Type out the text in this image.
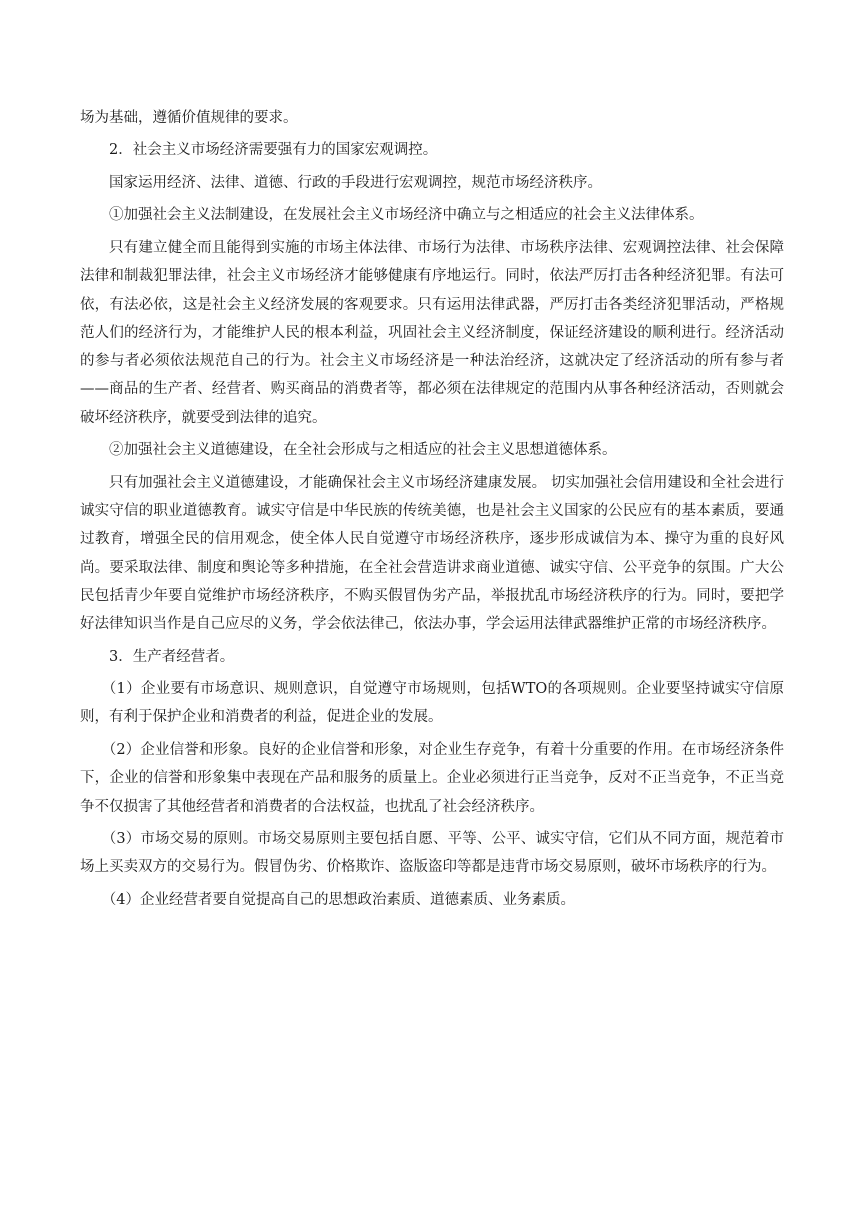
场为基础，遵循价值规律的要求。

2．社会主义市场经济需要强有力的国家宏观调控。

国家运用经济、法律、道德、行政的手段进行宏观调控，规范市场经济秩序。

①加强社会主义法制建设，在发展社会主义市场经济中确立与之相适应的社会主义法律体系。

只有建立健全而且能得到实施的市场主体法律、市场行为法律、市场秩序法律、宏观调控法律、社会保障法律和制裁犯罪法律，社会主义市场经济才能够健康有序地运行。同时，依法严厉打击各种经济犯罪。有法可依，有法必依，这是社会主义经济发展的客观要求。只有运用法律武器，严厉打击各类经济犯罪活动，严格规范人们的经济行为，才能维护人民的根本利益，巩固社会主义经济制度，保证经济建设的顺利进行。经济活动的参与者必须依法规范自己的行为。社会主义市场经济是一种法治经济，这就决定了经济活动的所有参与者——商品的生产者、经营者、购买商品的消费者等，都必须在法律规定的范围内从事各种经济活动，否则就会破坏经济秩序，就要受到法律的追究。

②加强社会主义道德建设，在全社会形成与之相适应的社会主义思想道德体系。

只有加强社会主义道德建设，才能确保社会主义市场经济建康发展。 切实加强社会信用建设和全社会进行诚实守信的职业道德教育。诚实守信是中华民族的传统美德，也是社会主义国家的公民应有的基本素质，要通过教育，增强全民的信用观念，使全体人民自觉遵守市场经济秩序，逐步形成诚信为本、操守为重的良好风尚。要采取法律、制度和舆论等多种措施，在全社会营造讲求商业道德、诚实守信、公平竞争的氛围。广大公民包括青少年要自觉维护市场经济秩序，不购买假冒伪劣产品，举报扰乱市场经济秩序的行为。同时，要把学好法律知识当作是自己应尽的义务，学会依法律己，依法办事，学会运用法律武器维护正常的市场经济秩序。

3．生产者经营者。

（1）企业要有市场意识、规则意识，自觉遵守市场规则，包括WTO的各项规则。企业要坚持诚实守信原则，有利于保护企业和消费者的利益，促进企业的发展。

（2）企业信誉和形象。良好的企业信誉和形象，对企业生存竞争，有着十分重要的作用。在市场经济条件下，企业的信誉和形象集中表现在产品和服务的质量上。企业必须进行正当竞争，反对不正当竞争，不正当竞争不仅损害了其他经营者和消费者的合法权益，也扰乱了社会经济秩序。

（3）市场交易的原则。市场交易原则主要包括自愿、平等、公平、诚实守信，它们从不同方面，规范着市场上买卖双方的交易行为。假冒伪劣、价格欺诈、盗版盗印等都是违背市场交易原则，破坏市场秩序的行为。

（4）企业经营者要自觉提高自己的思想政治素质、道德素质、业务素质。
